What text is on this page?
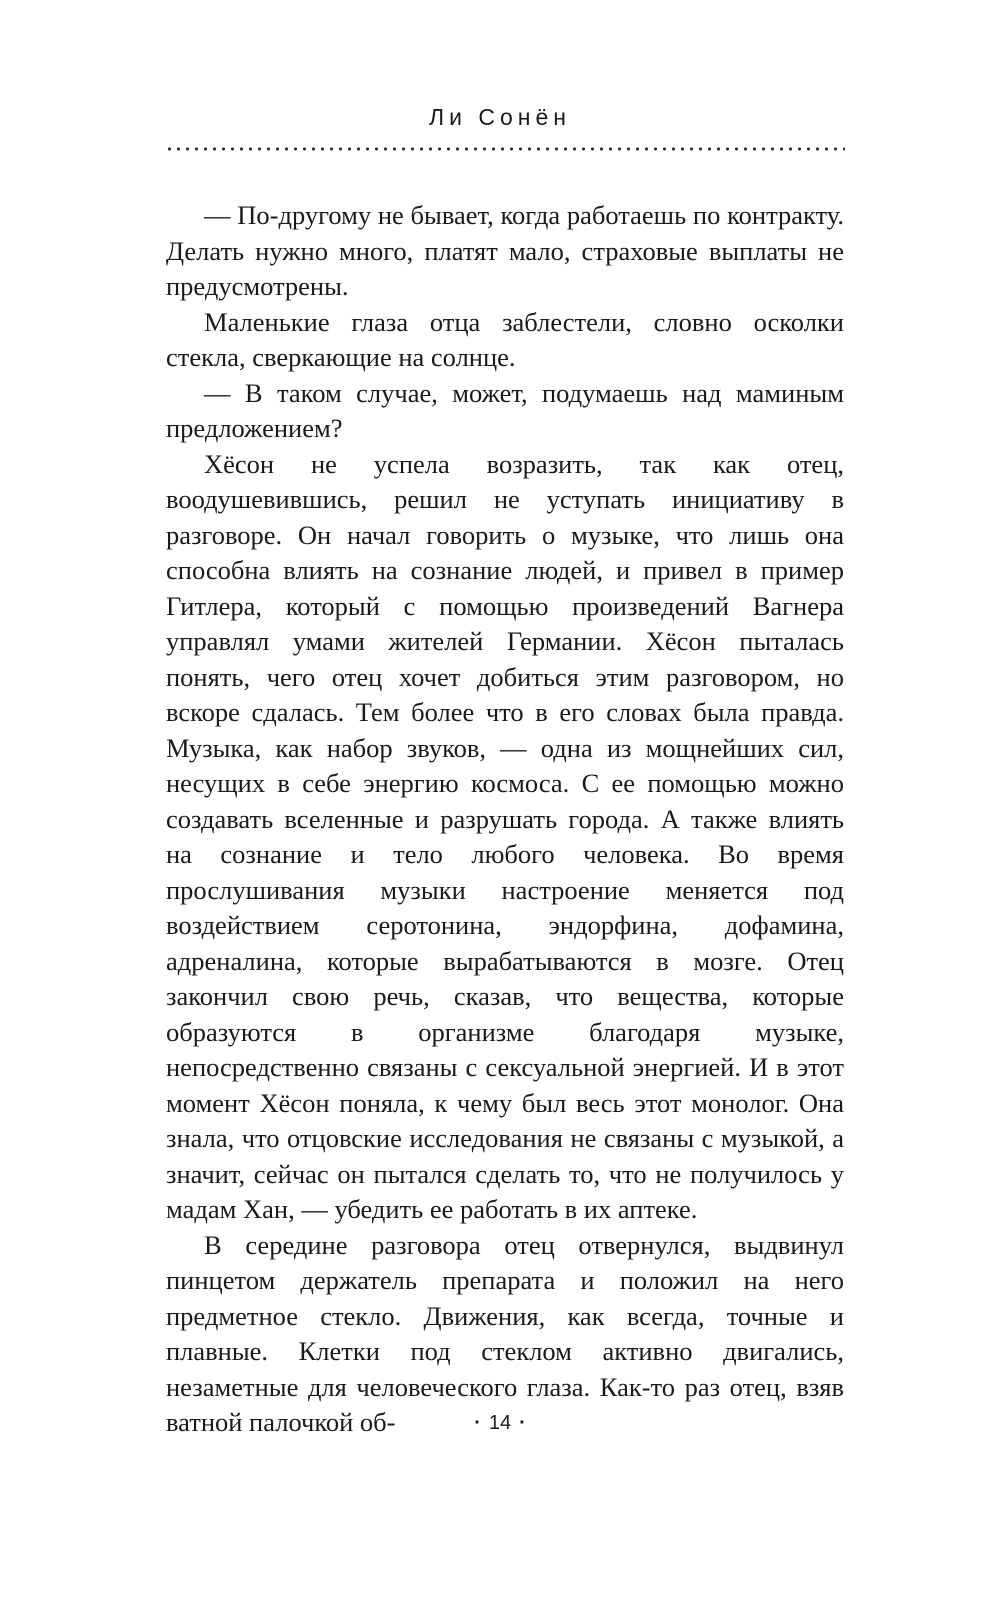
Ли Сонён

— По-другому не бывает, когда работаешь по контракту. Делать нужно много, платят мало, страховые выплаты не предусмотрены.

Маленькие глаза отца заблестели, словно осколки стекла, сверкающие на солнце.

— В таком случае, может, подумаешь над маминым предложением?

Хёсон не успела возразить, так как отец, воодушевившись, решил не уступать инициативу в разговоре. Он начал говорить о музыке, что лишь она способна влиять на сознание людей, и привел в пример Гитлера, который с помощью произведений Вагнера управлял умами жителей Германии. Хёсон пыталась понять, чего отец хочет добиться этим разговором, но вскоре сдалась. Тем более что в его словах была правда. Музыка, как набор звуков, — одна из мощнейших сил, несущих в себе энергию космоса. С ее помощью можно создавать вселенные и разрушать города. А также влиять на сознание и тело любого человека. Во время прослушивания музыки настроение меняется под воздействием серотонина, эндорфина, дофамина, адреналина, которые вырабатываются в мозге. Отец закончил свою речь, сказав, что вещества, которые образуются в организме благодаря музыке, непосредственно связаны с сексуальной энергией. И в этот момент Хёсон поняла, к чему был весь этот монолог. Она знала, что отцовские исследования не связаны с музыкой, а значит, сейчас он пытался сделать то, что не получилось у мадам Хан, — убедить ее работать в их аптеке.

В середине разговора отец отвернулся, выдвинул пинцетом держатель препарата и положил на него предметное стекло. Движения, как всегда, точные и плавные. Клетки под стеклом активно двигались, незаметные для человеческого глаза. Как-то раз отец, взяв ватной палочкой об-	· 14 ·
